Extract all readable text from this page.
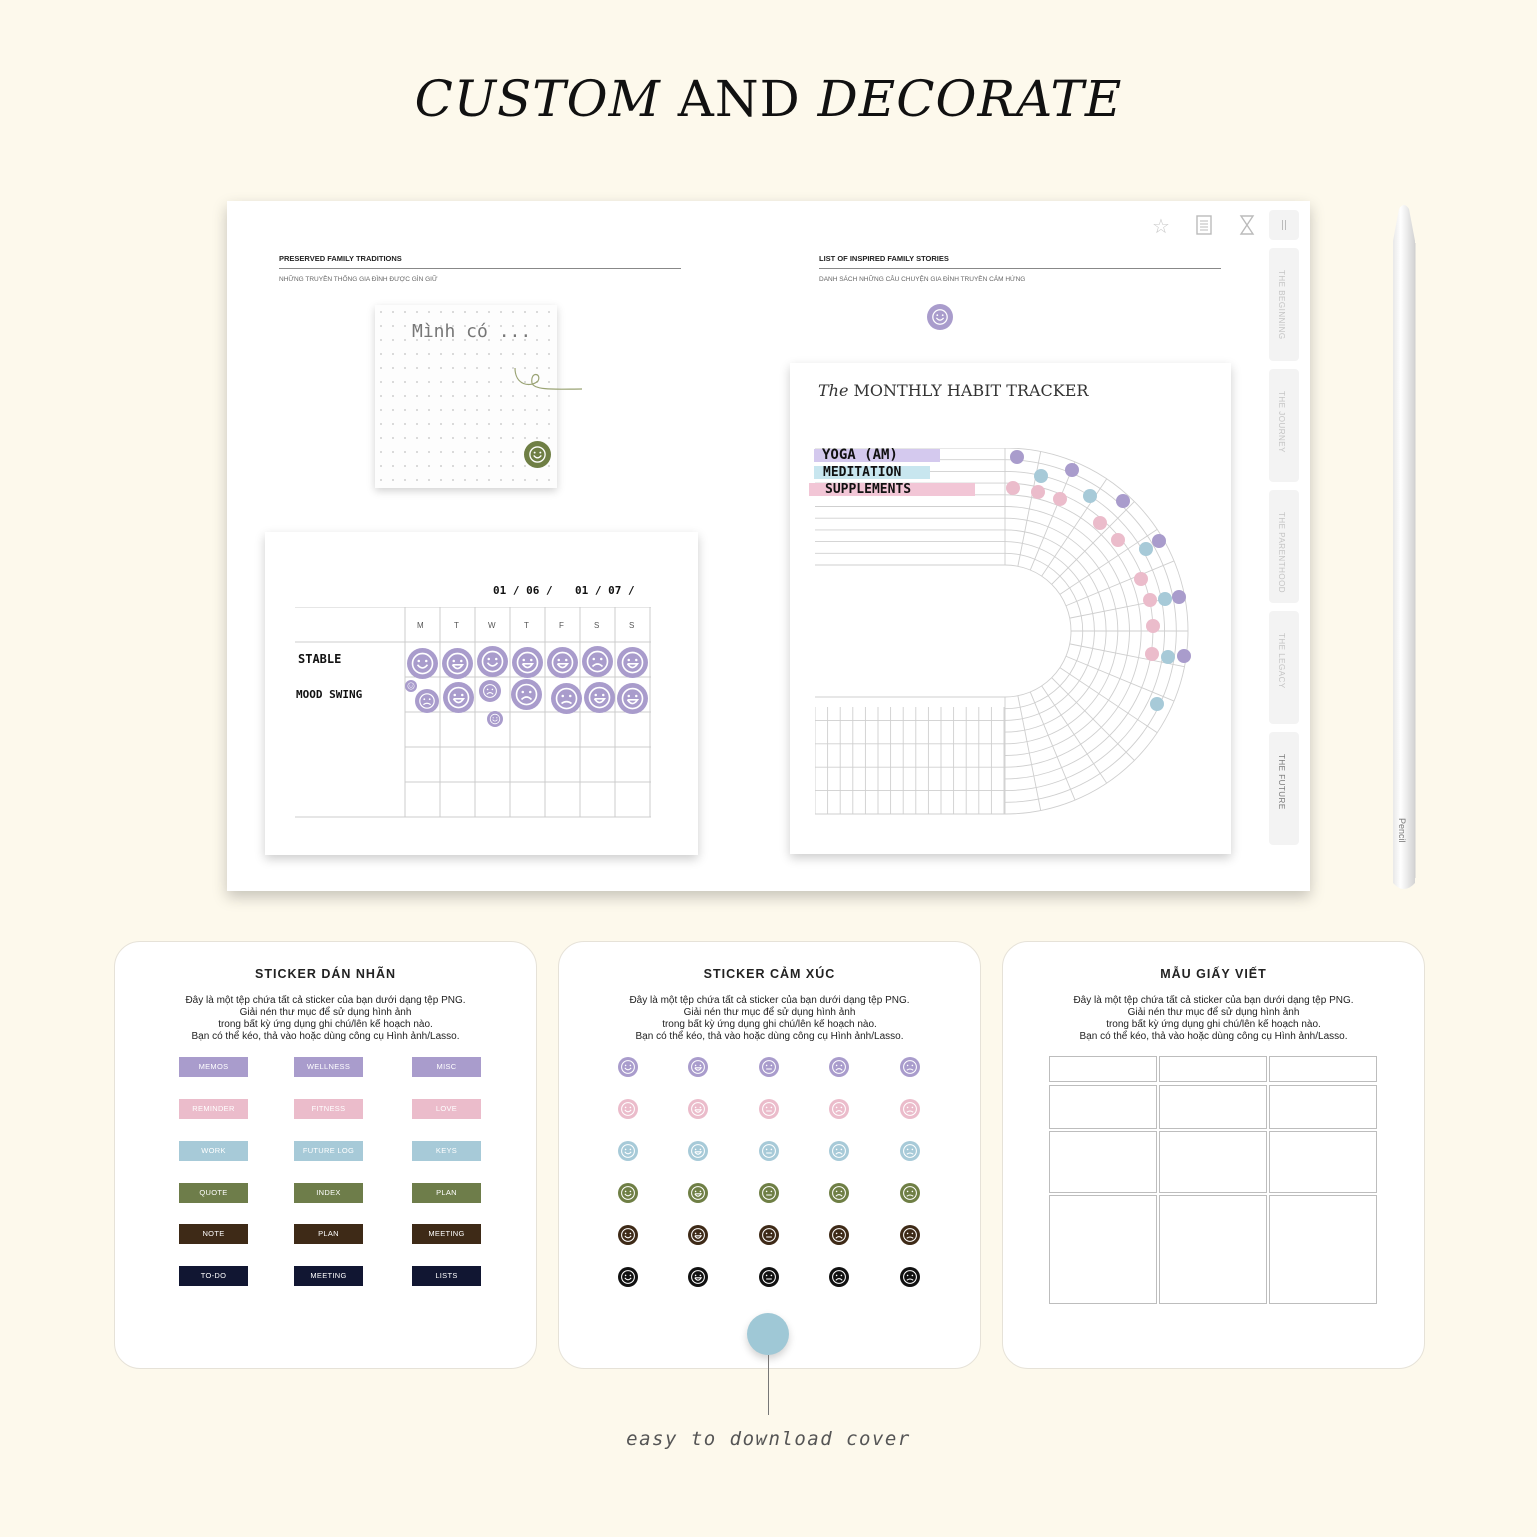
CUSTOM AND DECORATE
☆
THE BEGINNING
THE JOURNEY
THE PARENTHOOD
THE LEGACY
THE FUTURE
PRESERVED FAMILY TRADITIONS
NHỮNG TRUYỀN THỐNG GIA ĐÌNH ĐƯỢC GÌN GIỮ
Mình có ...
01 / 06 / 01 / 07 /
M	T	W	T	F	S	S
STABLE
MOOD SWING
LIST OF INSPIRED FAMILY STORIES
DANH SÁCH NHỮNG CÂU CHUYỆN GIA ĐÌNH TRUYỀN CẢM HỨNG
The MONTHLY HABIT TRACKER
YOGA (AM)
MEDITATION
SUPPLEMENTS
Pencil
STICKER DÁN NHÃN
Đây là một tệp chứa tất cả sticker của bạn dưới dạng tệp PNG.
Giải nén thư mục để sử dụng hình ảnh
trong bất kỳ ứng dụng ghi chú/lên kế hoạch nào.
Bạn có thể kéo, thả vào hoặc dùng công cụ Hình ảnh/Lasso.
MEMOS	WELLNESS	MISC
REMINDER	FITNESS	LOVE
WORK	FUTURE LOG	KEYS
QUOTE	INDEX	PLAN
NOTE	PLAN	MEETING
TO-DO	MEETING	LISTS
STICKER CẢM XÚC
Đây là một tệp chứa tất cả sticker của bạn dưới dạng tệp PNG.
Giải nén thư mục để sử dụng hình ảnh
trong bất kỳ ứng dụng ghi chú/lên kế hoạch nào.
Bạn có thể kéo, thả vào hoặc dùng công cụ Hình ảnh/Lasso.
MẪU GIẤY VIẾT
Đây là một tệp chứa tất cả sticker của bạn dưới dạng tệp PNG.
Giải nén thư mục để sử dụng hình ảnh
trong bất kỳ ứng dụng ghi chú/lên kế hoạch nào.
Bạn có thể kéo, thả vào hoặc dùng công cụ Hình ảnh/Lasso.
easy to download cover
